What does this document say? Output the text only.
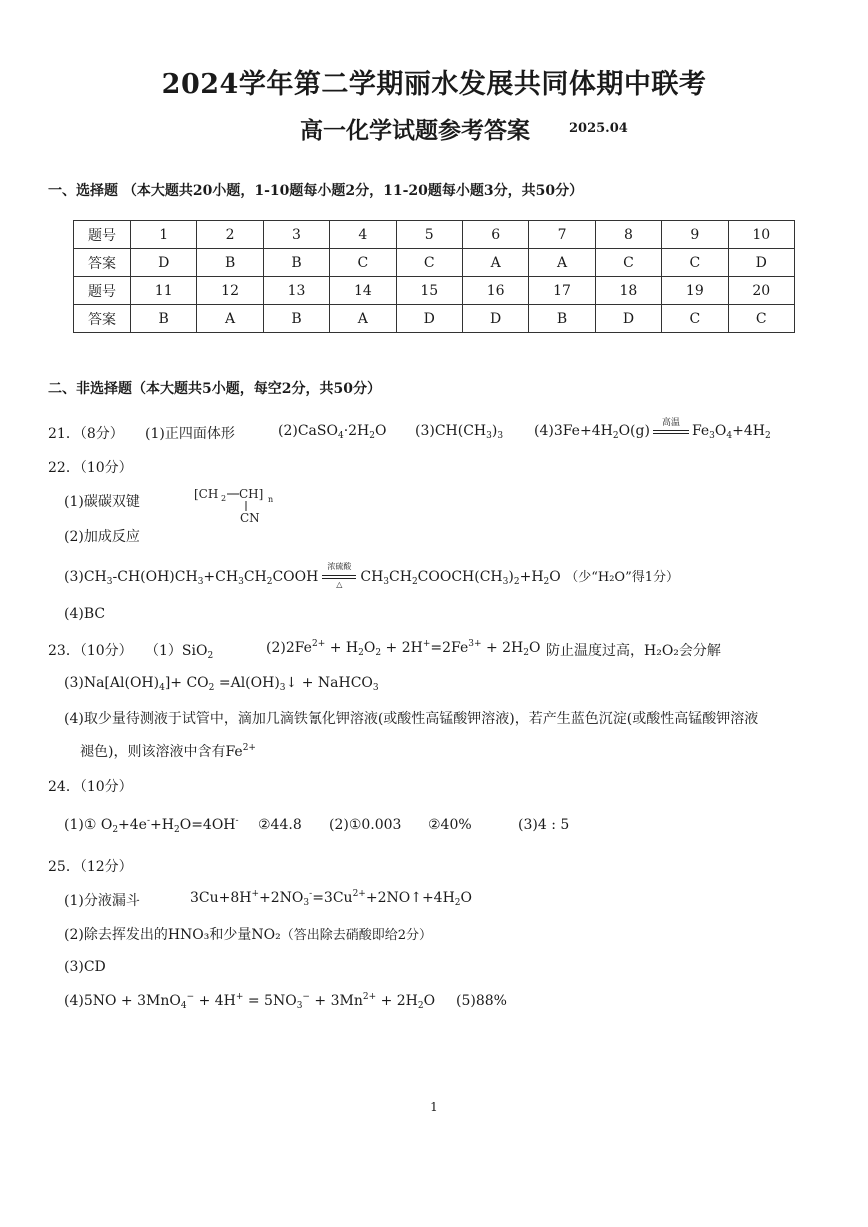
2024学年第二学期丽水发展共同体期中联考
高一化学试题参考答案	2025.04
一、选择题 （本大题共20小题，1-10题每小题2分，11-20题每小题3分，共50分）
题号	1	2	3	4	5	6	7	8	9	10
答案	D	B	B	C	C	A	A	C	C	D
题号	11	12	13	14	15	16	17	18	19	20
答案	B	A	B	A	D	D	B	D	C	C
二、非选择题（本大题共5小题，每空2分，共50分）
21．（8分） (1)正四面体形	$(2)CaSO_4\cdot 2H_2O$ $(3)CH(CH_3)_3$ $(4)3Fe+4H_2O(g)$	高温 $Fe_3O_4+4H_2$
22．（10分）
(1)碳碳双键	[CH 2 CH] n
CN
(2)加成反应
$(3)CH_3-CH(OH)CH_3+CH_3CH_2COOH$
浓硫酸
△	$CH_3CH_2COOCH(CH_3)_2+H_2O$ （少“H₂O”得1分）
(4)BC
23．（10分） （1）SiO$_2$	$(2)2Fe^{2+} + H_2O_2 + 2H^+=2Fe^{3+} + 2H_2O$ 防止温度过高，H₂O₂会分解
$(3)Na[Al(OH)_4]+ CO_2$ $=Al(OH)_3↓$ + NaHCO$_3$
(4)取少量待测液于试管中，滴加几滴铁氰化钾溶液(或酸性高锰酸钾溶液)，若产生蓝色沉淀(或酸性高锰酸钾溶液
褪色)，则该溶液中含有$Fe^{2+}$
24．（10分）
(1)① $O_2+4e^-+H_2O=4OH^-$ ②44.8 (2)①0.003 ②40%	(3)4 : 5
25．（12分）
(1)分液漏斗	$3Cu+8H^++2NO_3^-=3Cu^{2+}+2NO↑+4H_2O$
(2)除去挥发出的HNO₃和少量NO₂（答出除去硝酸即给2分）
(3)CD
$(4)5NO + 3MnO_4^- + 4H^+ = 5NO_3^- + 3Mn^{2+} + 2H_2O$ (5)88%
1
